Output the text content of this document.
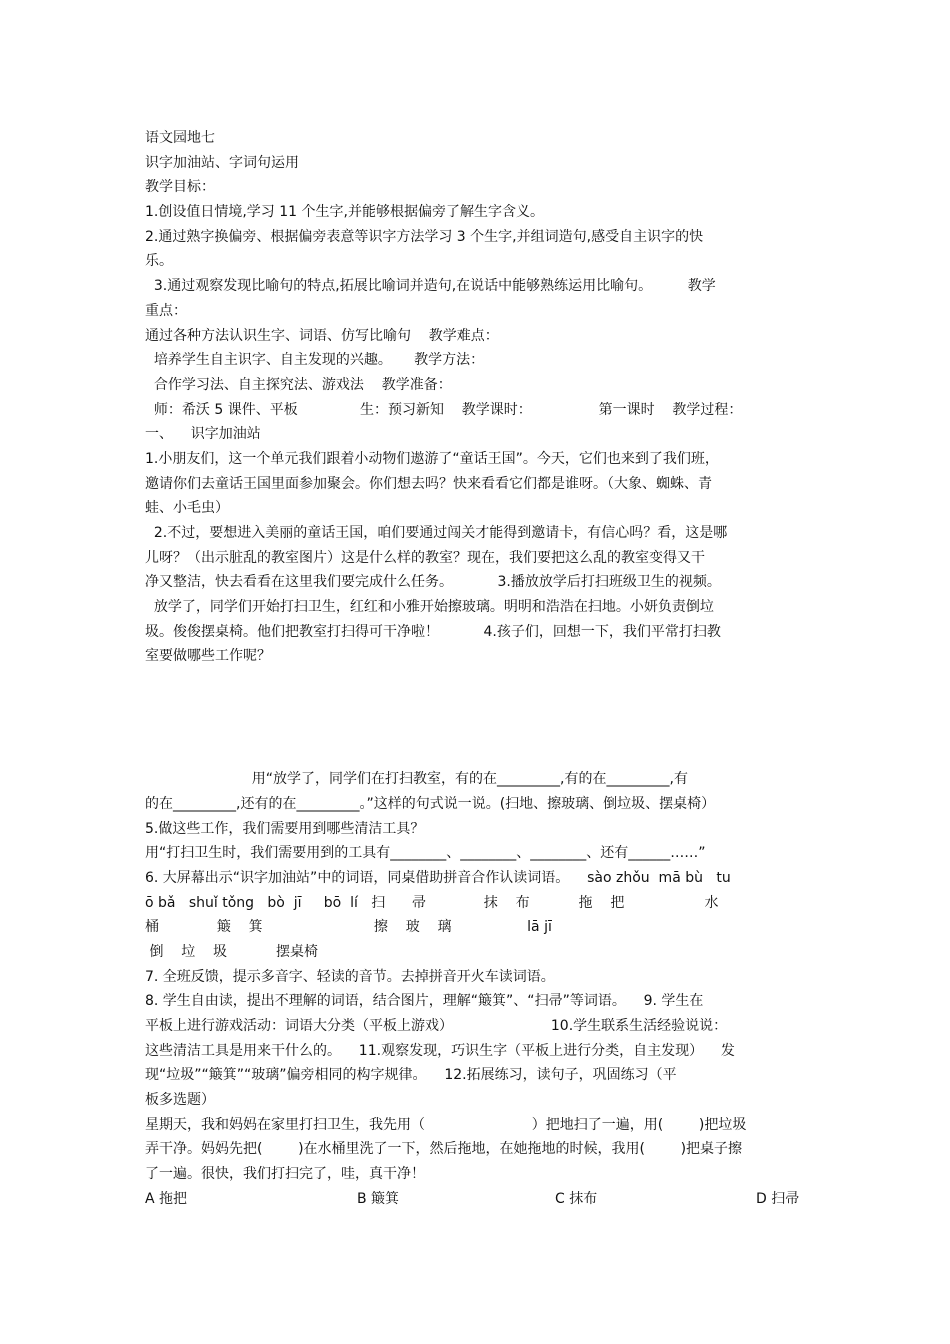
语文园地七
识字加油站、字词句运用
教学目标：
1.创设值日情境,学习 11 个生字,并能够根据偏旁了解生字含义。
2.通过熟字换偏旁、根据偏旁表意等识字方法学习 3 个生字,并组词造句,感受自主识字的快
乐。
3.通过观察发现比喻句的特点,拓展比喻词并造句,在说话中能够熟练运用比喻句。        教学
重点：
通过各种方法认识生字、词语、仿写比喻句    教学难点：
培养学生自主识字、自主发现的兴趣。     教学方法：
合作学习法、自主探究法、游戏法    教学准备：
师：希沃 5 课件、平板              生：预习新知    教学课时：               第一课时    教学过程：
一、    识字加油站
1.小朋友们，这一个单元我们跟着小动物们遨游了“童话王国”。今天，它们也来到了我们班，
邀请你们去童话王国里面参加聚会。你们想去吗？快来看看它们都是谁呀。（大象、蜘蛛、青
蛙、小毛虫）
2.不过，要想进入美丽的童话王国，咱们要通过闯关才能得到邀请卡，有信心吗？看，这是哪
儿呀？（出示脏乱的教室图片）这是什么样的教室？现在，我们要把这么乱的教室变得又干
净又整洁，快去看看在这里我们要完成什么任务。          3.播放放学后打扫班级卫生的视频。
放学了，同学们开始打扫卫生，红红和小雅开始擦玻璃。明明和浩浩在扫地。小妍负责倒垃
圾。俊俊摆桌椅。他们把教室打扫得可干净啦！          4.孩子们，回想一下，我们平常打扫教
室要做哪些工作呢？
用“放学了，同学们在打扫教室，有的在_________,有的在_________,有
的在_________,还有的在_________。”这样的句式说一说。(扫地、擦玻璃、倒垃圾、摆桌椅）
5.做这些工作，我们需要用到哪些清洁工具？
用“打扫卫生时，我们需要用到的工具有________、________、________、还有______……”
6. 大屏幕出示“识字加油站”中的词语，同桌借助拼音合作认读词语。    sào zhǒu  mā bù   tu
ō bǎ   shuǐ tǒng   bò  jī     bō  lí   扫      帚             抹    布           拖    把                  水
桶             簸    箕                         擦    玻    璃                 lā jī
倒    垃    圾           摆桌椅
7. 全班反馈，提示多音字、轻读的音节。去掉拼音开火车读词语。
8. 学生自由读，提出不理解的词语，结合图片，理解“簸箕”、“扫帚”等词语。    9. 学生在
平板上进行游戏活动：词语大分类（平板上游戏）                      10.学生联系生活经验说说：
这些清洁工具是用来干什么的。    11.观察发现，巧识生字（平板上进行分类，自主发现）    发
现“垃圾”“簸箕”“玻璃”偏旁相同的构字规律。    12.拓展练习，读句子，巩固练习（平
板多选题）
星期天，我和妈妈在家里打扫卫生，我先用（                        ）把地扫了一遍，用(        )把垃圾
弄干净。妈妈先把(        )在水桶里洗了一下，然后拖地，在她拖地的时候，我用(        )把桌子擦
了一遍。很快，我们打扫完了，哇，真干净！
A 拖把	B 簸箕	C 抹布	D 扫帚
